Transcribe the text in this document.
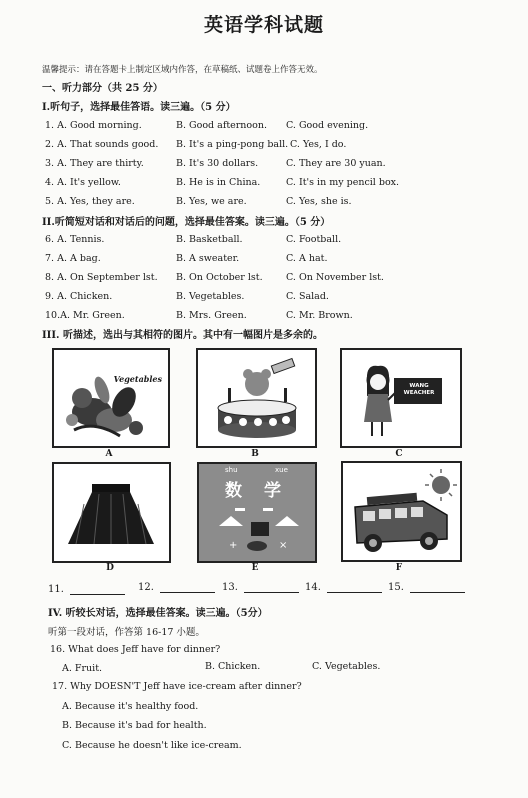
英语学科试题
温馨提示：请在答题卡上制定区域内作答，在草稿纸、试题卷上作答无效。
一、听力部分（共 25 分）
I.听句子，选择最佳答语。读三遍。（5 分）
1. A. Good morning.	B. Good afternoon. C. Good evening.
2. A. That sounds good. B. It's a ping-pong ball. C. Yes, I do.
3. A. They are thirty.	B. It's 30 dollars.	C. They are 30 yuan.
4. A. It's yellow.	B. He is in China.	C. It's in my pencil box.
5. A. Yes, they are.	B. Yes, we are.	C. Yes, she is.
II.听简短对话和对话后的问题，选择最佳答案。读三遍。（5 分）
6. A. Tennis.	B. Basketball.	C. Football.
7. A. A bag.	B. A sweater.	C. A hat.
8. A. On September lst. B. On October lst. C. On November lst.
9. A. Chicken.	B. Vegetables.	C. Salad.
10.A. Mr. Green.	B. Mrs. Green.	C. Mr. Brown.
III. 听描述，选出与其相符的图片。其中有一幅图片是多余的。
Vegetables
A	B
WANG WEACHER
C
D
+	×
shu	xue
数 学
E	F
11.	12.	13.	14.	15.
IV. 听较长对话，选择最佳答案。读三遍。（5分）
听第一段对话，作答第 16-17 小题。
16. What does Jeff have for dinner?
A. Fruit.	B. Chicken.	C. Vegetables.
17. Why DOESN'T Jeff have ice-cream after dinner?
A. Because it's healthy food.
B. Because it's bad for health.
C. Because he doesn't like ice-cream.
